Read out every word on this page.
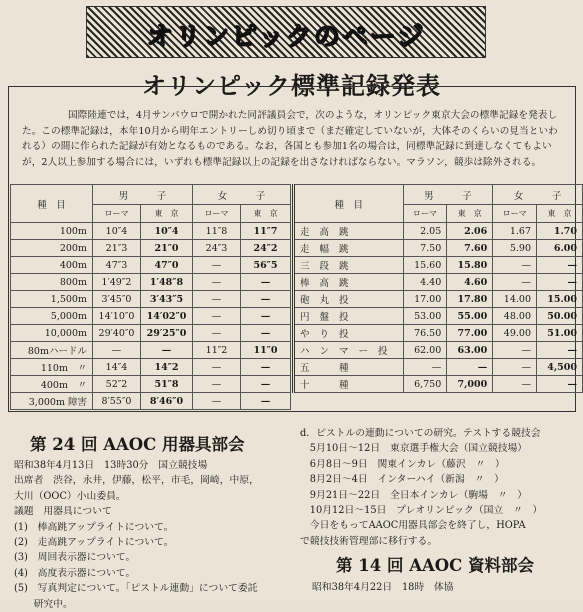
オリンピックのページ
オリンピック標準記録発表
国際陸連では，4月サンパウロで開かれた同評議員会で，次のような，オリンピック東京大会の標準記録を発表した。この標準記録は，本年10月から明年エントリーしめ切り頃まで（まだ確定していないが，大体そのくらいの見当といわれる）の間に作られた記録が有効となるものである。なお，各国とも参加1名の場合は，同標準記録に到達しなくてもよいが，2人以上参加する場合には，いずれも標準記録以上の記録を出さなければならない。マラソン，競歩は除外される。
種　目	男　　　子		女　　　子	
	ローマ	東　京	ローマ	東　京
100m	10″4	10″4	11″8	11″7
200m	21″3	21″0	24″3	24″2
400m	47″3	47″0	—	56″5
800m	1′49″2	1′48″8	—	—
1,500m	3′45″0	3′43″5	—	—
5,000m	14′10″0	14′02″0	—	—
10,000m	29′40″0	29′25″0	—	—
80mハードル	—	—	11″2	11″0
110m　〃	14″4	14″2	—	—
400m　〃	52″2	51″8	—	—
3,000m 障害	8′55″0	8′46″0	—	—
種　目	男　　　子		女　　　子	
	ローマ	東　京	ローマ	東　京
走高跳	2.05	2.06	1.67	1.70
走幅跳	7.50	7.60	5.90	6.00
三段跳	15.60	15.80	—	—
棒高跳	4.40	4.60	—	—
砲丸投	17.00	17.80	14.00	15.00
円盤投	53.00	55.00	48.00	50.00
やり投	76.50	77.00	49.00	51.00
ハンマー投	62.00	63.00	—	—
五　種	—	—	—	4,500
十　種	6,750	7,000	—	—
第 24 回 AAOC 用器具部会
昭和38年4月13日　13時30分　国立競技場
出席者　渋谷，永井，伊藤，松平，市毛，岡崎，中原，
大川（OOC）小山委員。
議題　用器具について
(1)　棒高跳アップライトについて。
(2)　走高跳アップライトについて。
(3)　周回表示器について。
(4)　高度表示器について。
(5)　写真判定について。「ピストル連動」について委託
　　研究中。
d．ピストルの連動についての研究。テストする競技会
　5月10日～12日　東京選手権大会（国立競技場）
　6月8日～9日　関東インカレ（藤沢　〃　）
　8月2日～4日　インターハイ（新潟　〃　）
　9月21日～22日　全日本インカレ（駒場　〃　）
　10月12日～15日　プレオリンピック（国立　〃　）
　今日をもってAAOC用器具部会を終了し，HOPA
で競技技術管理部に移行する。
第 14 回 AAOC 資料部会
昭和38年4月22日　18時　体協
